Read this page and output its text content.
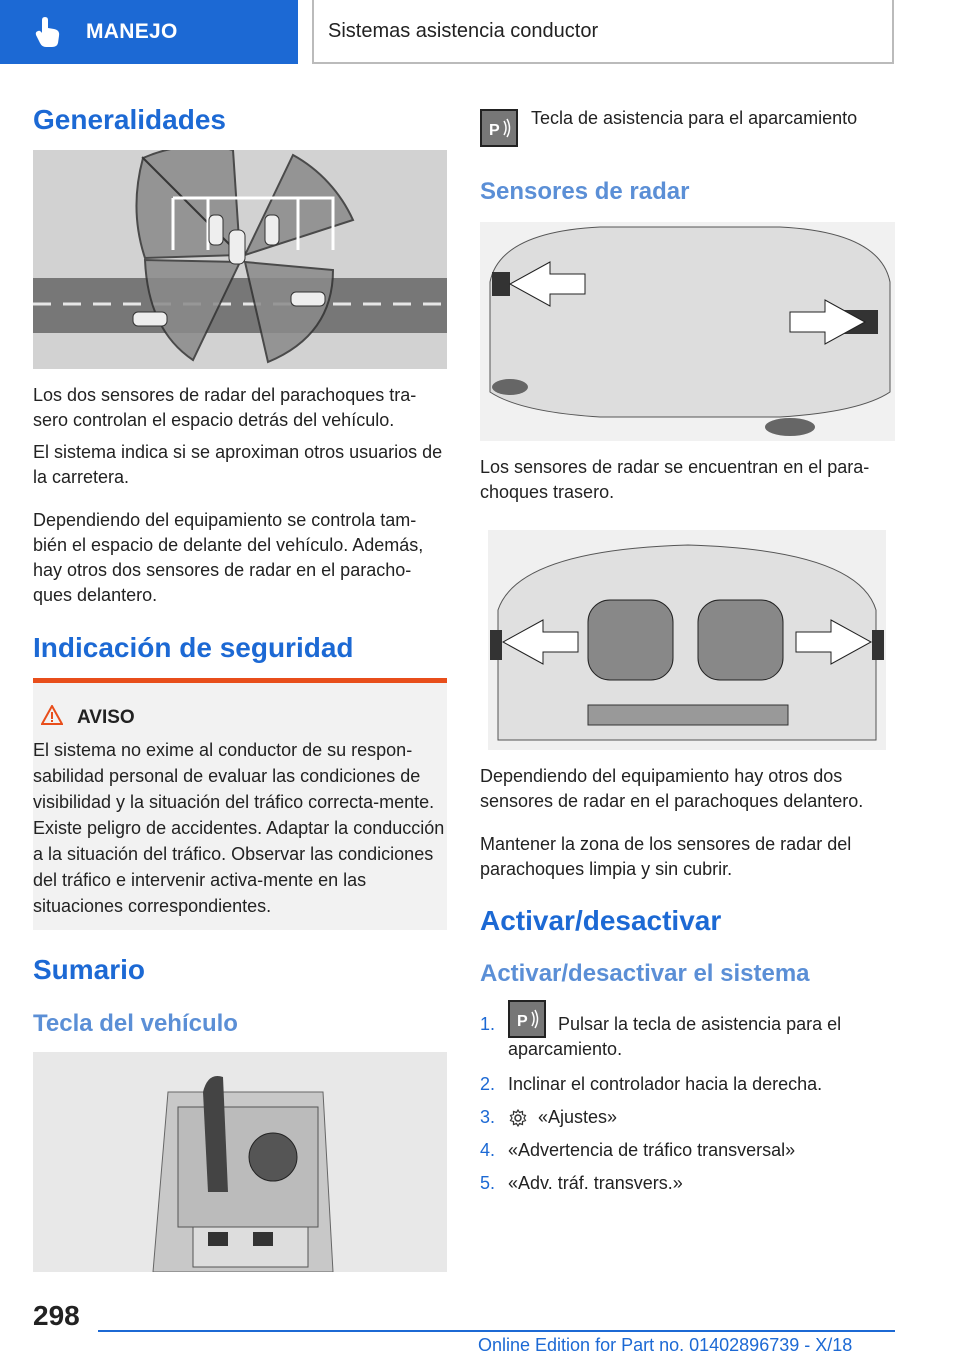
MANEJO	Sistemas asistencia conductor
Generalidades

Los dos sensores de radar del parachoques tra-sero controlan el espacio detrás del vehículo.

El sistema indica si se aproximan otros usuarios de la carretera.

Dependiendo del equipamiento se controla tam-bién el espacio de delante del vehículo. Además, hay otros dos sensores de radar en el paracho-ques delantero.

Indicación de seguridad
AVISO
El sistema no exime al conductor de su respon-sabilidad personal de evaluar las condiciones de visibilidad y la situación del tráfico correcta-mente. Existe peligro de accidentes. Adaptar la conducción a la situación del tráfico. Observar las condiciones del tráfico e intervenir activa-mente en las situaciones correspondientes.
Sumario
Tecla del vehículo
P

Tecla de asistencia para el aparcamiento

Sensores de radar

Los sensores de radar se encuentran en el para-choques trasero.

Dependiendo del equipamiento hay otros dos sensores de radar en el parachoques delantero.

Mantener la zona de los sensores de radar del parachoques limpia y sin cubrir.

Activar/desactivar
Activar/desactivar el sistema
1. P	Pulsar la tecla de asistencia para el aparcamiento.
2. Inclinar el controlador hacia la derecha.
3. «Ajustes»
4. «Advertencia de tráfico transversal»
5. «Adv. tráf. transvers.»
298
Online Edition for Part no. 01402896739 - X/18
